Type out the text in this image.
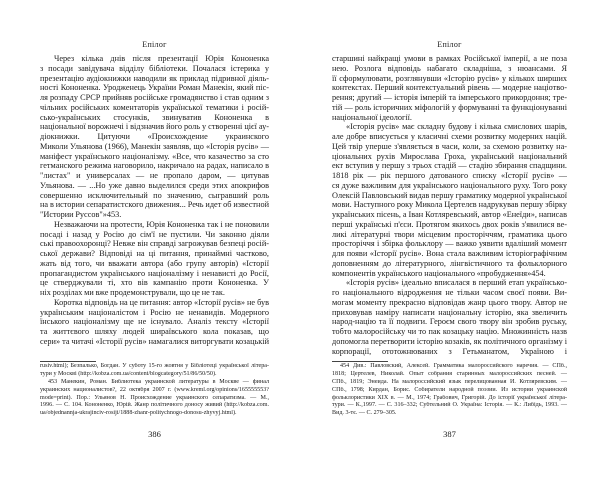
Епілог
Через кілька днів після презентації Юрія Кононенка
з посади завідувача відділу бібліотеки. Почалася істерика у
презентацію аудіокнижки наводили як приклад підривної діяль-
ності Кононенка. Уродженець України Роман Манекін, який піс-
ля розпаду СРСР прийняв російське громадянство і став одним з
чільних російських коментаторів української тематики і росій-
сько-українських стосунків, звинуватив Кононенка в
національної ворожнечі і відзначив його роль у створенні цієї ау-
діокнижки. Цитуючи «Происхождение украинского
Миколи Ульянова (1966), Манекін заявляв, що «Історія русів» —
маніфест українського націоналізму. «Все, что казачество за сто
гетманского режима наговорило, накричало на радах, написало в
"листах" и универсалах — не пропало даром, — цитував
Ульянова. — ...Но уже давно выделился среди этих апокрифов
совершенно исключительный по значению, сыгравший роль
на в истории сепаратистского движения... Речь идет об известной
"Истории Руссов"»453.
Незважаючи на протести, Юрія Кононенка так і не поновили
посаді і назад у Росію до сім'ї не пустили. Чи законно діяли
ські правоохоронці? Невже він справді загрожував безпеці росій-
ської держави? Відповіді на ці питання, принаймні частково,
жать від того, чи вважати автора (або групу авторів) «Історії
пропагандистом українського націоналізму і ненависті до Росії,
це стверджували ті, хто вів кампанію проти Кононенка. У
ніх розділах ми вже продемонстрували, що це не так.
Коротка відповідь на це питання: автор «Історії русів» не був
українським націоналістом і Росію не ненавидів. Модерного
їнського націоналізму ще не існувало. Аналіз тексту «Історії
та життєвого шляху людей шираївського кола показав, що
сери» та читачі «Історії русів» намагалися виторгувати козацькій
rusiv.html); Безпалько, Богдан. У суботу 15-го жовтня у Бібліотеці української літера-
тури у Москві (http://kobza.com.ua/content/blogcategory/51/86/50/50).
453 Манекин, Роман. Библиотека украинской литературы в Москве — финал
украинских националистов?, 22 октября 2007 г. (www.kreml.org/opinions/165555553?
mode=print). Пор.: Ульянов Н. Происхождение украинского сепаратизма. — М.,
1996. — С. 104. Кононенко, Юрій. Жанр політичного доносу живий (http://kobza.com.
ua/objednannja-ukrajinciv-rosiji/1888-zhanr-politychnogo-donosu-zhyvyj.html).
386
Епілог
старшині найкращі умови в рамках Російської імперії, а не поза
нею. Розлога відповідь набагато складніша, з нюансами. Я
її сформулювати, розглянувши «Історію русів» у кількох ширших
контекстах. Перший контекстуальний рівень — модерне націотво-
рення; другий — історія імперій та імперського прикордоння; тре-
тій — роль історичних міфологій у формуванні та функціонуванні
національної ідеології.
«Історія русів» має складну будову і кілька смислових шарів,
але добре вписується у класичні схеми розвитку модерних націй.
Цей твір уперше з'являється в часи, коли, за схемою розвитку на-
ціональних рухів Мирослава Гроха, український національний
ект вступив у першу з трьох стадій — стадію збирання спадщини.
1818 рік — рік першого датованого списку «Історії русів» —
ся дуже важливим для українського національного руху. Того року
Олексій Павловський видав першу граматику модерної української
мови. Наступного року Микола Цертелєв надрукував першу збірку
українських пісень, а Іван Котляревський, автор «Енеїди», написав
перші українські п'єси. Протягом якихось двох років з'явилися ве-
ликі літературні твори місцевим просторіччям, граматика цього
просторіччя і збірка фольклору — важко уявити вдаліший момент
для появи «Історії русів». Вона стала важливим історіографічним
доповненням до літературного, лінгвістичного та фольклорного
компонентів українського національного «пробудження»454.
«Історія русів» ідеально вписалася в перший етап українсько-
го національного відродження не тільки часом своєї появи. Ви-
могам моменту прекрасно відповідав жанр цього твору. Автор не
приховував наміру написати національну історію, яка звеличить
народ-націю та її подвиги. Героєм свого твору він зробив руську,
тобто малоросійську чи то пак козацьку націю. Множинність назв
допомогла перетворити історію козаків, як політичного організму і
корпорації, ототожнюваних з Гетьманатом, Україною і
454 Див.: Павловский, Алексей. Грамматика малороссийского наречия. — СПб.,
1818; Цертелев, Николай. Опыт собрания старинных малороссийских песней. —
СПб., 1819; Энеида. На малороссийский язык перелицованная И. Котляревским. —
СПб., 1798; Кирдан, Борис. Собиратели народной поэзии. Из истории украинской
фольклористики XIX в. — М., 1974; Грабович, Григорій. До історії української літера-
тури. — К.,1997. — С. 316–332; Субтельний О. Україна: Історія. — К.: Либідь, 1993. —
Вид. 3-тє. — С. 279–305.
387
